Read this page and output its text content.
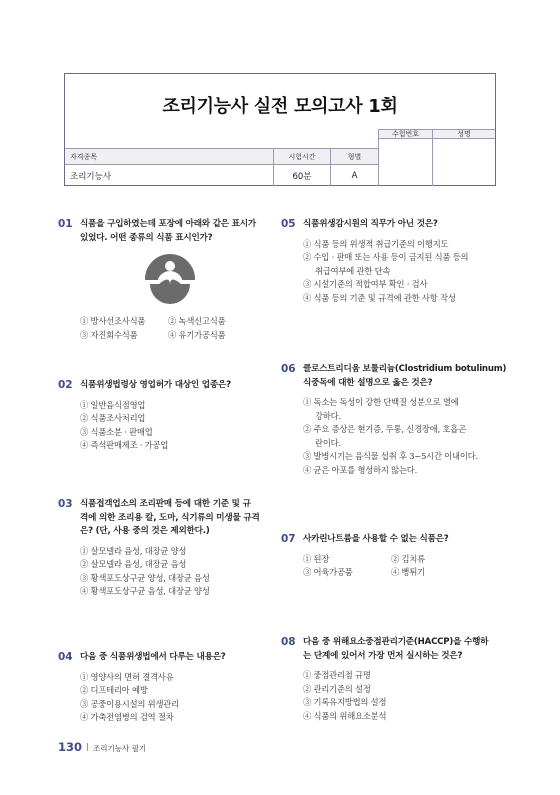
조리기능사 실전 모의고사 1회
수험번호	성명
자격종목	시험시간	형별
조리기능사	60분	A
01 식품을 구입하였는데 포장에 아래와 같은 표시가
있었다. 어떤 종류의 식품 표시인가?
① 방사선조사식품	② 녹색신고식품
③ 자진회수식품	④ 유기가공식품
02 식품위생법령상 영업허가 대상인 업종은?
① 일반음식점영업
② 식품조사처리업
③ 식품소분 · 판매업
④ 즉석판매제조 · 가공업
03 식품접객업소의 조리판매 등에 대한 기준 및 규
격에 의한 조리용 칼, 도마, 식기류의 미생물 규격
은? (단, 사용 중의 것은 제외한다.)
① 살모넬라 음성, 대장균 양성
② 살모넬라 음성, 대장균 음성
③ 황색포도상구균 양성, 대장균 음성
④ 황색포도상구균 음성, 대장균 양성
04 다음 중 식품위생법에서 다루는 내용은?
① 영양사의 면허 결격사유
② 디프테리아 예방
③ 공중이용시설의 위생관리
④ 가축전염병의 검역 절차
05 식품위생감시원의 직무가 아닌 것은?
① 식품 등의 위생적 취급기준의 이행지도
② 수입 · 판매 또는 사용 등이 금지된 식품 등의
취급여부에 관한 단속
③ 시설기준의 적합여부 확인 · 검사
④ 식품 등의 기준 및 규격에 관한 사항 작성
06 클로스트리디움 보툴리늄(Clostridium botulinum)
식중독에 대한 설명으로 옳은 것은?
① 독소는 독성이 강한 단백질 성분으로 열에
강하다.
② 주요 증상은 현기증, 두통, 신경장애, 호흡곤
란이다.
③ 발병시기는 음식물 섭취 후 3~5시간 이내이다.
④ 균은 아포를 형성하지 않는다.
07 사카린나트륨을 사용할 수 없는 식품은?
① 된장	② 김치류
③ 어육가공품	④ 뻥튀기
08 다음 중 위해요소중점관리기준(HACCP)을 수행하
는 단계에 있어서 가장 먼저 실시하는 것은?
① 중점관리점 규명
② 관리기준의 설정
③ 기록유지방법의 설정
④ 식품의 위해요소분석
130 조리기능사 필기
